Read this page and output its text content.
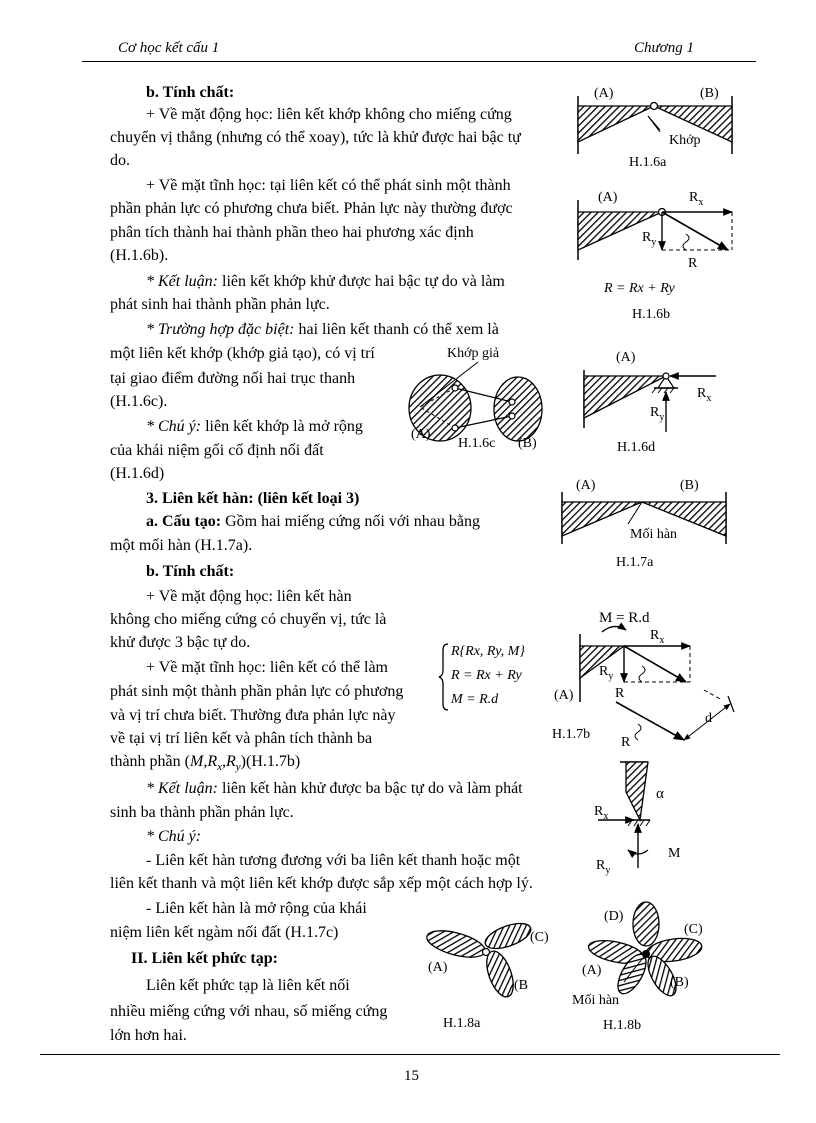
Cơ học kết cấu 1	Chương 1
15
b. Tính chất:
+ Về mặt động học: liên kết khớp không cho miếng cứng
chuyển vị thẳng (nhưng có thể xoay), tức là khử được hai bậc tự
do.
+ Về mặt tĩnh học: tại liên kết có thể phát sinh một thành
phần phản lực có phương chưa biết. Phản lực này thường được
phân tích thành hai thành phần theo hai phương xác định
(H.1.6b).
* Kết luận: liên kết khớp khử được hai bậc tự do và làm
phát sinh hai thành phần phản lực.
* Trường hợp đặc biệt: hai liên kết thanh có thể xem là
một liên kết khớp (khớp giả tạo), có vị trí
tại giao điểm đường nối hai trục thanh
(H.1.6c).
* Chú ý: liên kết khớp là mở rộng
của khái niệm gối cố định nối đất
(H.1.6d)
3. Liên kết hàn: (liên kết loại 3)
a. Cấu tạo: Gồm hai miếng cứng nối với nhau bằng
một mối hàn (H.1.7a).
b. Tính chất:
+ Về mặt động học: liên kết hàn
không cho miếng cứng có chuyển vị, tức là
khử được 3 bậc tự do.
+ Về mặt tĩnh học: liên kết có thể làm
phát sinh một thành phần phản lực có phương
và vị trí chưa biết. Thường đưa phản lực này
về tại vị trí liên kết và phân tích thành ba
thành phần $(M,R_x,R_y)(H.1.7b)$
* Kết luận: liên kết hàn khử được ba bậc tự do và làm phát
sinh ba thành phần phản lực.
* Chú ý:
- Liên kết hàn tương đương với ba liên kết thanh hoặc một
liên kết thanh và một liên kết khớp được sắp xếp một cách hợp lý.
- Liên kết hàn là mở rộng của khái
niệm liên kết ngàm nối đất (H.1.7c)
II. Liên kết phức tạp:
Liên kết phức tạp là liên kết nối
nhiều miếng cứng với nhau, số miếng cứng
lớn hơn hai.
(A)	(B)
Khớp
H.1.6a
(A)	$R_x$
$R_y$
R
R = Rx + Ry
H.1.6b
Khớp giả
(A)
H.1.6c (B)
(A)
$R_x$
$R_y$
H.1.6d
(A)	(B)
Mối hàn
H.1.7a
M = R.d
$R_x$
$R_y$
(A)	R
d
R
H.1.7b
R{Rx, Ry, M}
R = Rx + Ry
M = R.d
α
$R_x$
M
$R_y$
(C)
(A)
(B
H.1.8a
(D)
(C)
(A)
(B)
Mối hàn
H.1.8b
